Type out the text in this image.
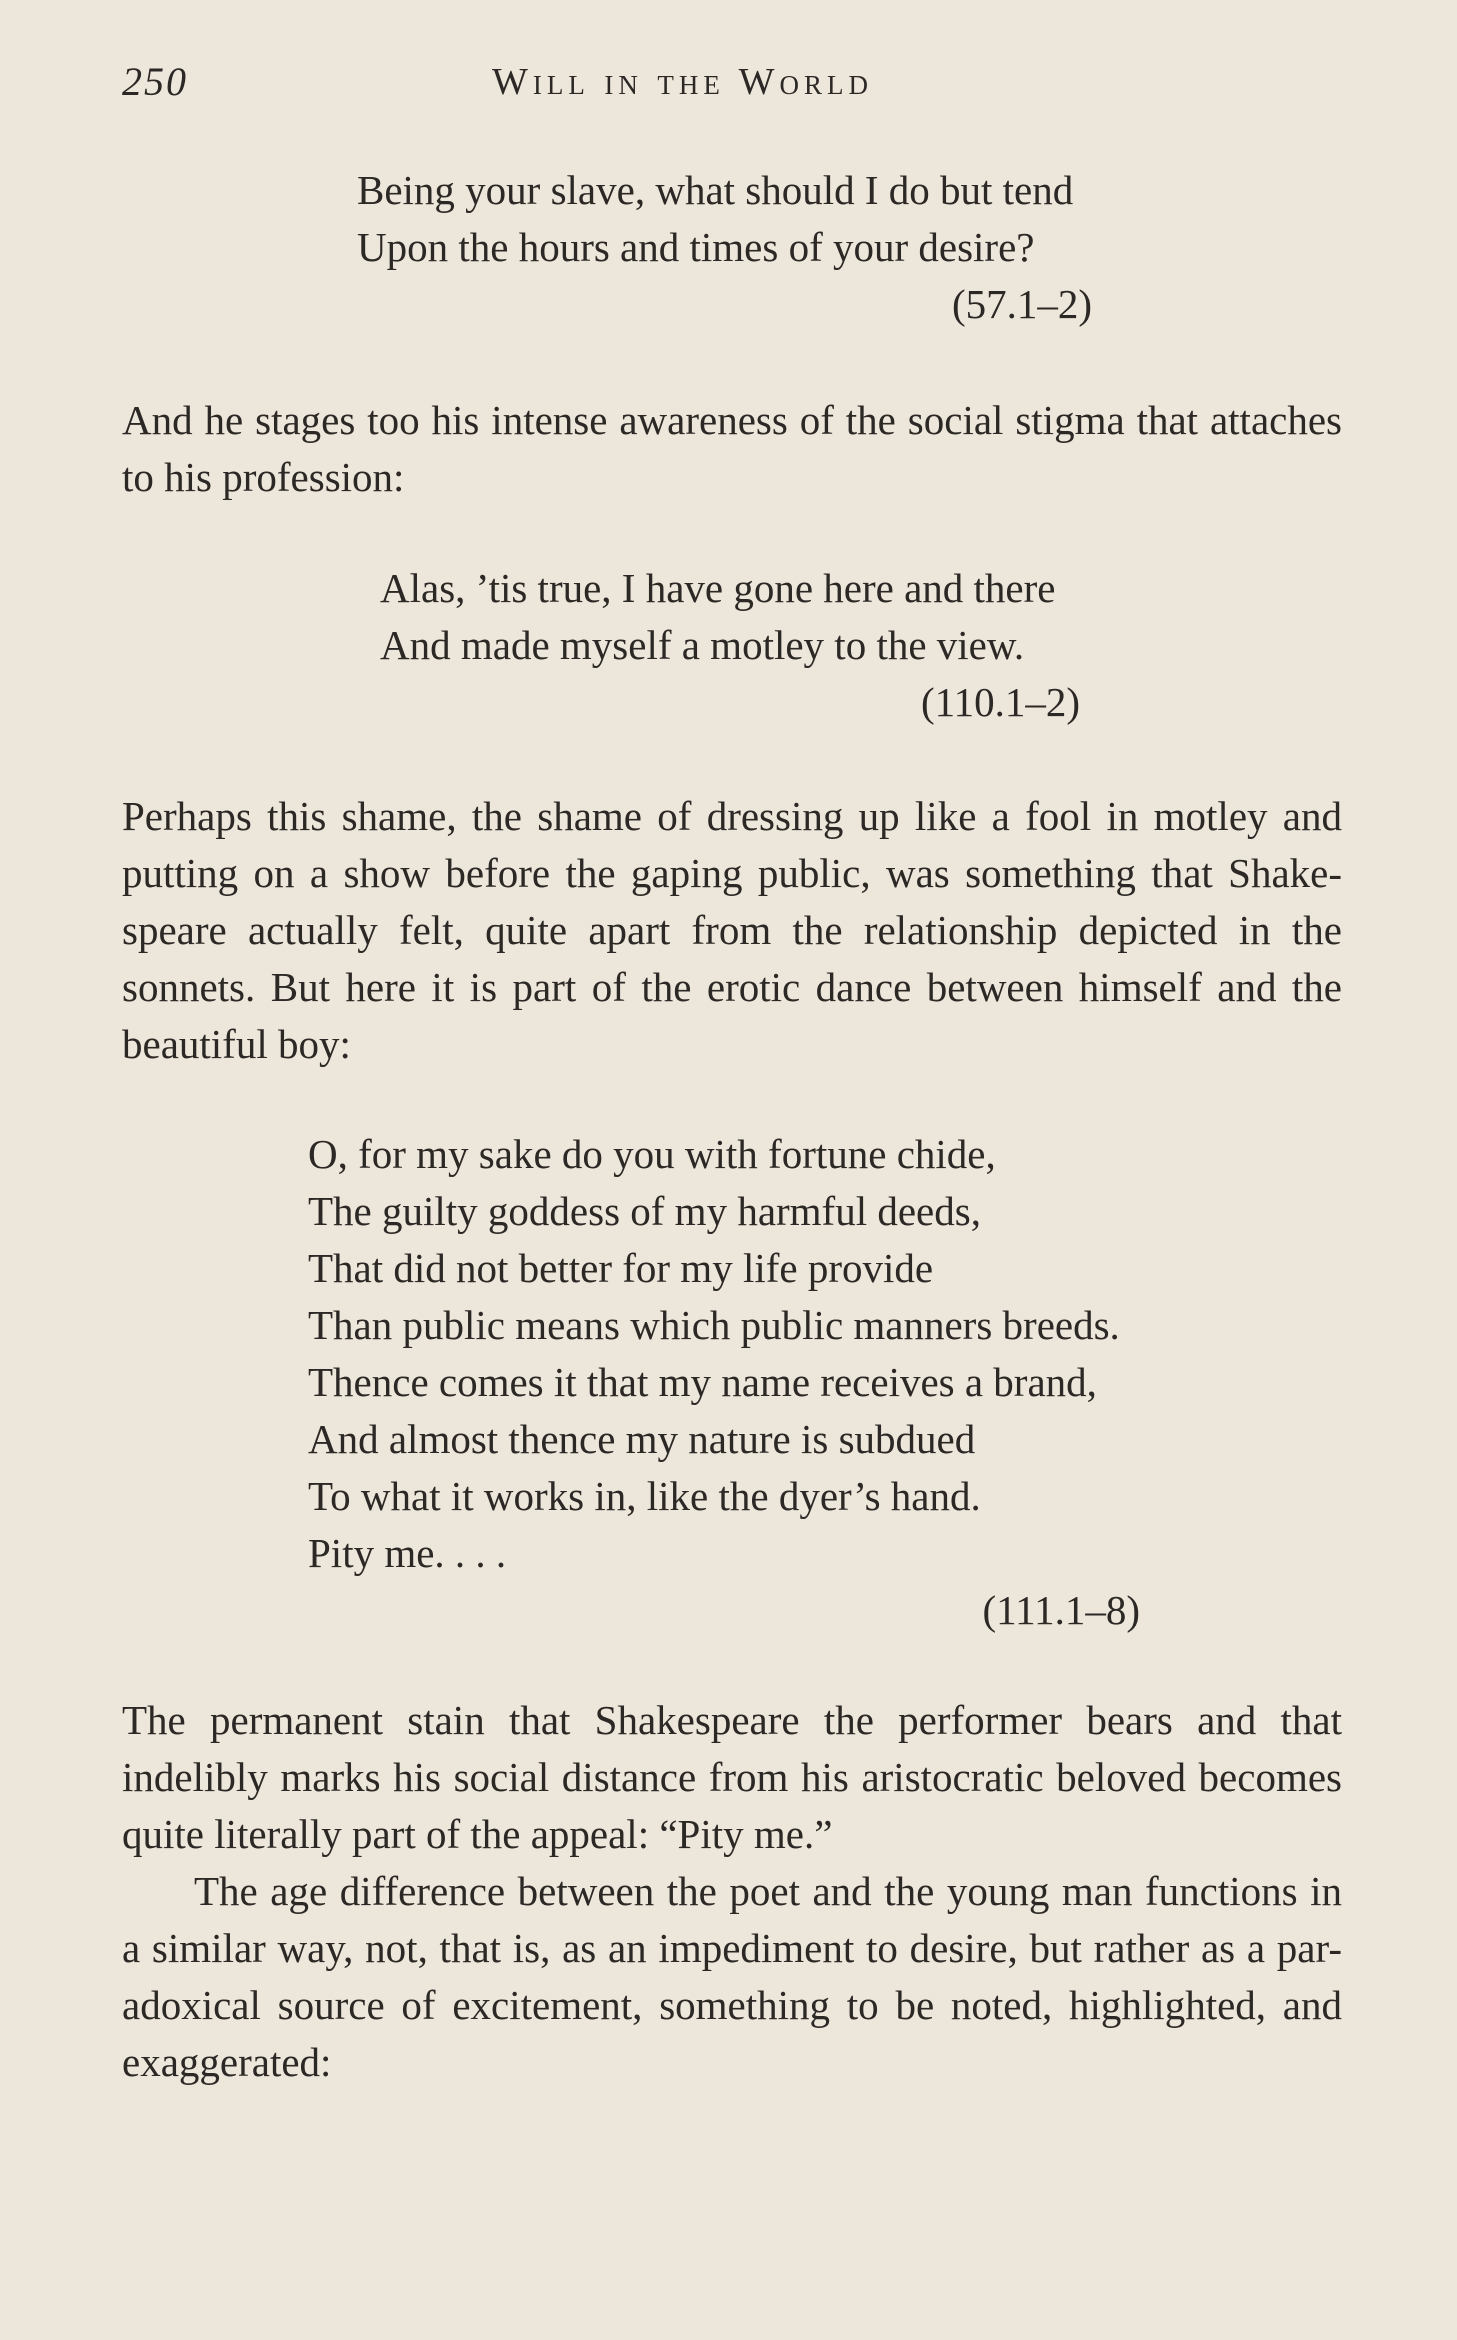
250	Will in the World
Being your slave, what should I do but tend
Upon the hours and times of your desire?
(57.1–2)
And he stages too his intense awareness of the social stigma that attaches
to his profession:
Alas, ’tis true, I have gone here and there
And made myself a motley to the view.
(110.1–2)
Perhaps this shame, the shame of dressing up like a fool in motley and
putting on a show before the gaping public, was something that Shake-
speare actually felt, quite apart from the relationship depicted in the
sonnets. But here it is part of the erotic dance between himself and the
beautiful boy:
O, for my sake do you with fortune chide,
The guilty goddess of my harmful deeds,
That did not better for my life provide
Than public means which public manners breeds.
Thence comes it that my name receives a brand,
And almost thence my nature is subdued
To what it works in, like the dyer’s hand.
Pity me. . . .
(111.1–8)
The permanent stain that Shakespeare the performer bears and that
indelibly marks his social distance from his aristocratic beloved becomes
quite literally part of the appeal: “Pity me.”
The age difference between the poet and the young man functions in
a similar way, not, that is, as an impediment to desire, but rather as a par-
adoxical source of excitement, something to be noted, highlighted, and
exaggerated:
